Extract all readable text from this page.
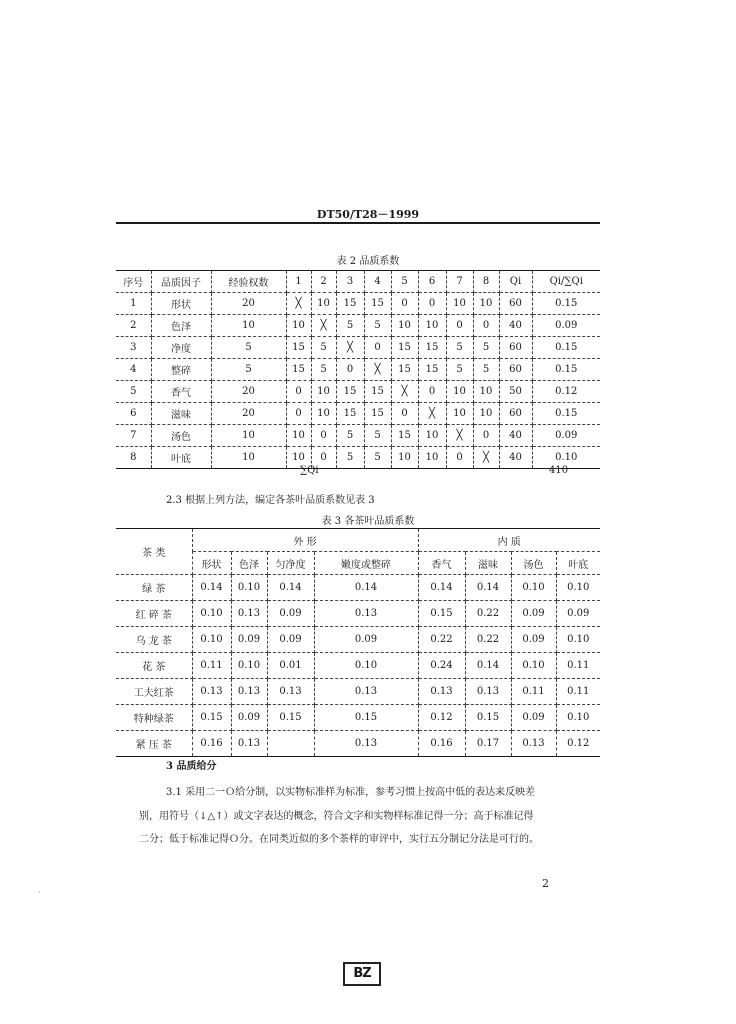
DT50/T28－1999
表 2 品质系数
序号	品质因子	经验权数	1	2	3	4	5	6	7	8	Qi	Qi/∑Qi
1	形状	20	╳	10	15	15	0	0	10	10	60	0.15
2	色泽	10	10	╳	5	5	10	10	0	0	40	0.09
3	净度	5	15	5	╳	0	15	15	5	5	60	0.15
4	整碎	5	15	5	0	╳	15	15	5	5	60	0.15
5	香气	20	0	10	15	15	╳	0	10	10	50	0.12
6	滋味	20	0	10	15	15	0	╳	10	10	60	0.15
7	汤色	10	10	0	5	5	15	10	╳	0	40	0.09
8	叶底	10	10	0	5	5	10	10	0	╳	40	0.10
∑Qi	410
2.3 根据上列方法，编定各茶叶品质系数见表 3
表 3 各茶叶品质系数
茶 类	外 形				内 质			
	形状	色泽	匀净度	嫩度或整碎	香气	滋味	汤色	叶底
绿 茶	0.14	0.10	0.14	0.14	0.14	0.14	0.10	0.10
红 碎 茶	0.10	0.13	0.09	0.13	0.15	0.22	0.09	0.09
乌 龙 茶	0.10	0.09	0.09	0.09	0.22	0.22	0.09	0.10
花 茶	0.11	0.10	0.01	0.10	0.24	0.14	0.10	0.11
工夫红茶	0.13	0.13	0.13	0.13	0.13	0.13	0.11	0.11
特种绿茶	0.15	0.09	0.15	0.15	0.12	0.15	0.09	0.10
紧 压 茶	0.16	0.13		0.13	0.16	0.17	0.13	0.12
3 品质给分
3.1 采用二一Ｏ给分制，以实物标准样为标准，参考习惯上按高中低的表达来反映差
别，用符号（↓△↑）或文字表达的概念，符合文字和实物样标准记得一分；高于标准记得
二分；低于标准记得Ｏ分。在同类近似的多个茶样的审评中，实行五分制记分法是可行的。
2
·
BZ
